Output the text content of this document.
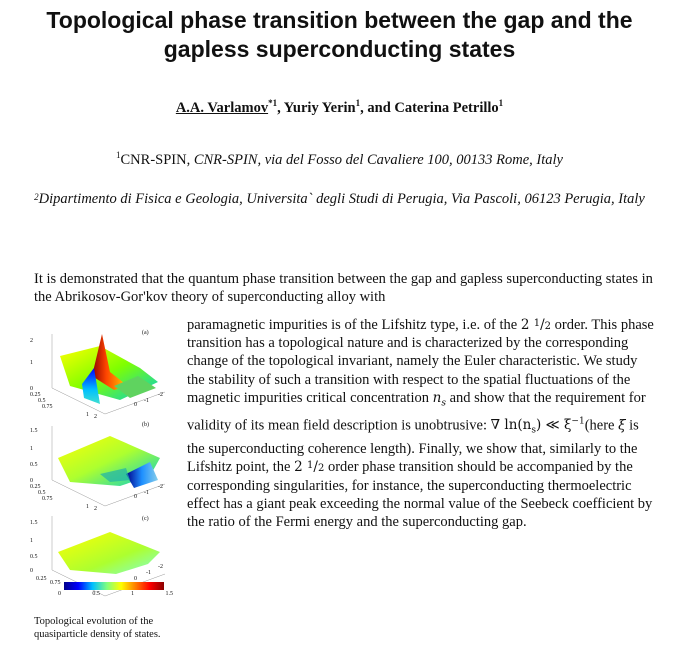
Topological phase transition between the gap and the gapless superconducting states
A.A. Varlamov$^{*1}$, Yuriy Yerin$^1$, and Caterina Petrillo$^1$
$^1$CNR-SPIN, CNR-SPIN, via del Fosso del Cavaliere 100, 00133 Rome, Italy
$^2$Dipartimento di Fisica e Geologia, Universita` degli Studi di Perugia, Via Pascoli, 06123 Perugia, Italy
It is demonstrated that the quantum phase transition between the gap and gapless superconducting states in the Abrikosov-Gor'kov theory of superconducting alloy with
paramagnetic impurities is of the Lifshitz type, i.e. of the 2 $^1/_2$ order. This phase transition has a topological nature and is characterized by the corresponding change of the topological invariant, namely the Euler characteristic. We study the stability of such a transition with respect to the spatial fluctuations of the magnetic impurities critical concentration $n_s$ and show that the requirement for validity of its mean field description is unobtrusive: ∇ $\ln(n_s)$ ≪ $\xi^{-1}(here$ ξ is the superconducting coherence length). Finally, we show that, similarly to the Lifshitz point, the 2 $^1/_2$ order phase transition should be accompanied by the corresponding singularities, for instance, the superconducting thermoelectric effect has a giant peak exceeding the normal value of the Seebeck coefficient by the ratio of the Fermi energy and the superconducting gap.
(a)
2
1
0
0.25
0.5
0.75
1 2
0
-1
-2
(b)
1.5
1
0.5
0
0.25
0.5
0.75
1 2
0
-1
-2
(c)
1.5
1
0.5
0
0.25
0.75
0
-1
-2
0	0.5	1	1.5
Topological evolution of the quasiparticle density of states.
